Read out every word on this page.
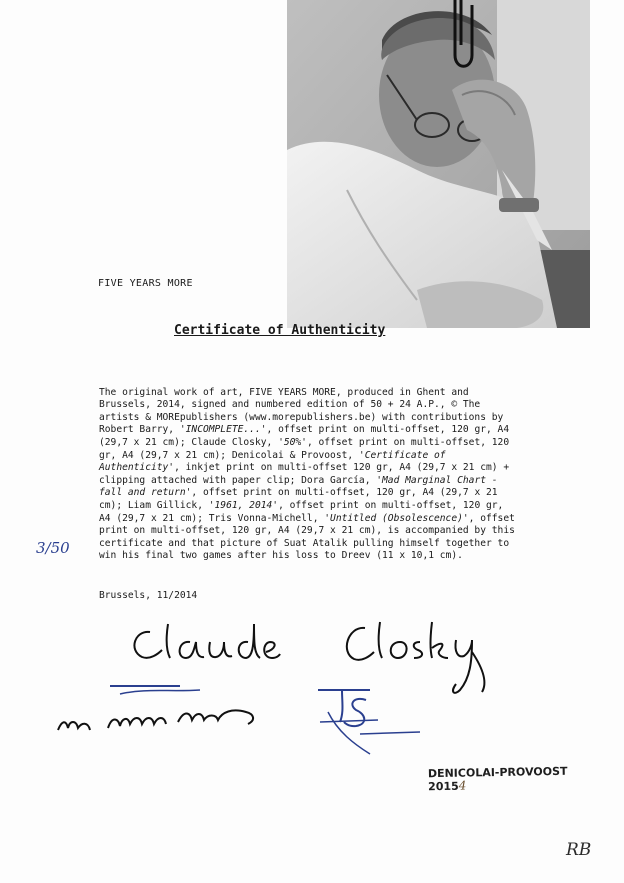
FIVE YEARS MORE
Certificate of Authenticity

The original work of art, FIVE YEARS MORE, produced in Ghent and Brussels, 2014, signed and numbered edition of 50 + 24 A.P., © The artists & MOREpublishers (www.morepublishers.be) with contributions by Robert Barry, 'INCOMPLETE...', offset print on multi-offset, 120 gr, A4 (29,7 x 21 cm); Claude Closky, '50%', offset print on multi-offset, 120 gr, A4 (29,7 x 21 cm); Denicolai & Provoost, 'Certificate of Authenticity', inkjet print on multi-offset 120 gr, A4 (29,7 x 21 cm) + clipping attached with paper clip; Dora García, 'Mad Marginal Chart - fall and return', offset print on multi-offset, 120 gr, A4 (29,7 x 21 cm); Liam Gillick, '1961, 2014', offset print on multi-offset, 120 gr, A4 (29,7 x 21 cm); Tris Vonna-Michell, 'Untitled (Obsolescence)', offset print on multi-offset, 120 gr, A4 (29,7 x 21 cm), is accompanied by this certificate and that picture of Suat Atalik pulling himself together to win his final two games after his loss to Dreev (11 x 10,1 cm).

3/50
Brussels, 11/2014
DENICOLAI-PROVOOST
20154
RB
